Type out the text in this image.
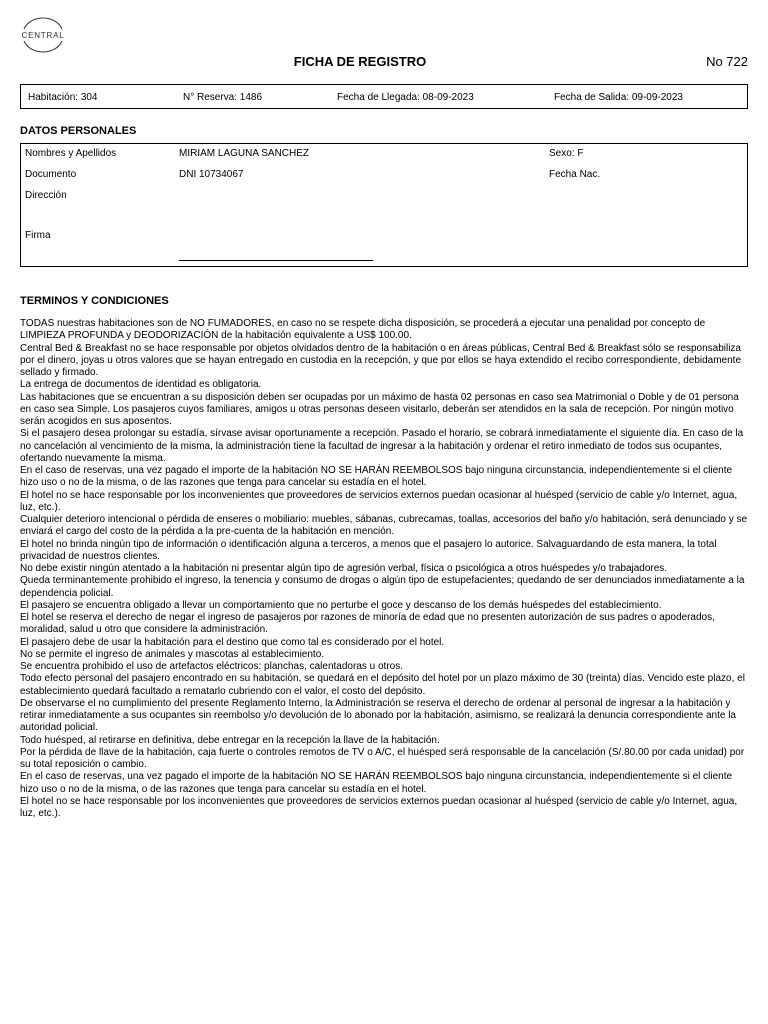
CENTRAL
FICHA DE REGISTRO	No 722
Habitación: 304	N° Reserva: 1486	Fecha de Llegada: 08-09-2023	Fecha de Salida: 09-09-2023
DATOS PERSONALES
Nombres y Apellidos	MIRIAM LAGUNA SANCHEZ	Sexo: F
Documento	DNI 10734067	Fecha Nac.
Dirección
Firma
TERMINOS Y CONDICIONES

TODAS nuestras habitaciones son de NO FUMADORES, en caso no se respete dicha disposición, se procederá a ejecutar una penalidad por concepto de LIMPIEZA PROFUNDA y DEODORIZACIÓN de la habitación equivalente a US$ 100.00.

Central Bed & Breakfast no se hace responsable por objetos olvidados dentro de la habitación o en áreas públicas, Central Bed & Breakfast sólo se responsabiliza por el dinero, joyas u otros valores que se hayan entregado en custodia en la recepción, y que por ellos se haya extendido el recibo correspondiente, debidamente sellado y firmado.

La entrega de documentos de identidad es obligatoria.

Las habitaciones que se encuentran a su disposición deben ser ocupadas por un máximo de hasta 02 personas en caso sea Matrimonial o Doble y de 01 persona en caso sea Simple. Los pasajeros cuyos familiares, amigos u otras personas deseen visitarlo, deberán ser atendidos en la sala de recepción. Por ningún motivo serán acogidos en sus aposentos.

Si el pasajero desea prolongar su estadía, sírvase avisar oportunamente a recepción. Pasado el horario, se cobrará inmediatamente el siguiente día. En caso de la no cancelación al vencimiento de la misma, la administración tiene la facultad de ingresar a la habitación y ordenar el retiro inmediato de todos sus ocupantes, ofertando nuevamente la misma.

En el caso de reservas, una vez pagado el importe de la habitación NO SE HARÁN REEMBOLSOS bajo ninguna circunstancia, independientemente si el cliente hizo uso o no de la misma, o de las razones que tenga para cancelar su estadía en el hotel.

El hotel no se hace responsable por los inconvenientes que proveedores de servicios externos puedan ocasionar al huésped (servicio de cable y/o Internet, agua, luz, etc.).

Cualquier deterioro intencional o pérdida de enseres o mobiliario: muebles, sábanas, cubrecamas, toallas, accesorios del baño y/o habitación, será denunciado y se enviará el cargo del costo de la pérdida a la pre-cuenta de la habitación en mención.

El hotel no brinda ningún tipo de información o identificación alguna a terceros, a menos que el pasajero lo autorice. Salvaguardando de esta manera, la total privacidad de nuestros clientes.

No debe existir ningún atentado a la habitación ni presentar algún tipo de agresión verbal, física o psicológica a otros huéspedes y/o trabajadores.

Queda terminantemente prohibido el ingreso, la tenencia y consumo de drogas o algún tipo de estupefacientes; quedando de ser denunciados inmediatamente a la dependencia policial.

El pasajero se encuentra obligado a llevar un comportamiento que no perturbe el goce y descanso de los demás huéspedes del establecimiento.

El hotel se reserva el derecho de negar el ingreso de pasajeros por razones de minoría de edad que no presenten autorización de sus padres o apoderados, moralidad, salud u otro que considere la administración.

El pasajero debe de usar la habitación para el destino que como tal es considerado por el hotel.

No se permite el ingreso de animales y mascotas al establecimiento.

Se encuentra prohibido el uso de artefactos eléctricos: planchas, calentadoras u otros.

Todo efecto personal del pasajero encontrado en su habitación, se quedará en el depósito del hotel por un plazo máximo de 30 (treinta) días. Vencido este plazo, el establecimiento quedará facultado a rematarlo cubriendo con el valor, el costo del depósito.

De observarse el no cumplimiento del presente Reglamento Interno, la Administración se reserva el derecho de ordenar al personal de ingresar a la habitación y retirar inmediatamente a sus ocupantes sin reembolso y/o devolución de lo abonado por la habitación, asimismo, se realizará la denuncia correspondiente ante la autoridad policial.

Todo huésped, al retirarse en definitiva, debe entregar en la recepción la llave de la habitación.

Por la pérdida de llave de la habitación, caja fuerte o controles remotos de TV o A/C, el huésped será responsable de la cancelación (S/.80.00 por cada unidad) por su total reposición o cambio.

En el caso de reservas, una vez pagado el importe de la habitación NO SE HARÁN REEMBOLSOS bajo ninguna circunstancia, independientemente si el cliente hizo uso o no de la misma, o de las razones que tenga para cancelar su estadía en el hotel.

El hotel no se hace responsable por los inconvenientes que proveedores de servicios externos puedan ocasionar al huésped (servicio de cable y/o Internet, agua, luz, etc.).
